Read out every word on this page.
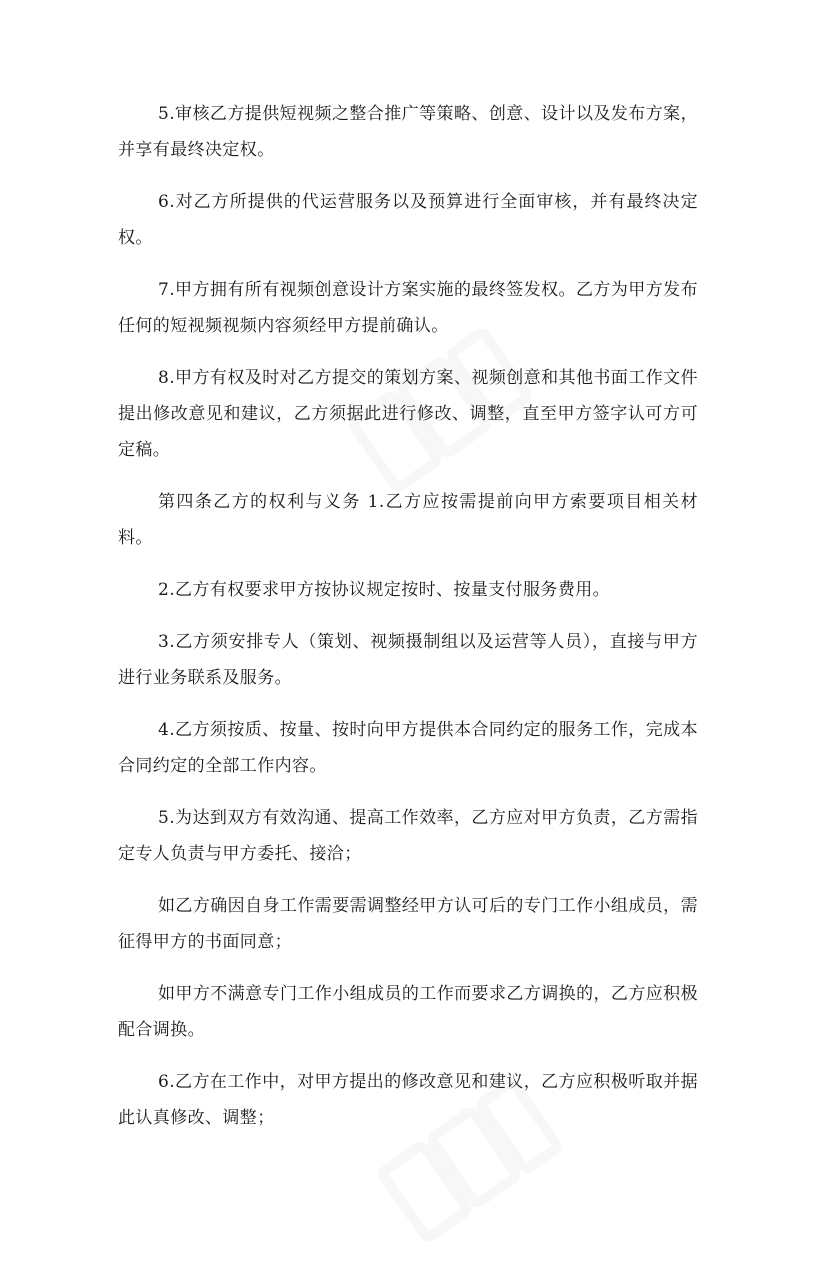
5.审核乙方提供短视频之整合推广等策略、创意、设计以及发布方案，并享有最终决定权。

6.对乙方所提供的代运营服务以及预算进行全面审核，并有最终决定权。

7.甲方拥有所有视频创意设计方案实施的最终签发权。乙方为甲方发布任何的短视频视频内容须经甲方提前确认。

8.甲方有权及时对乙方提交的策划方案、视频创意和其他书面工作文件提出修改意见和建议，乙方须据此进行修改、调整，直至甲方签字认可方可定稿。

第四条乙方的权利与义务 1.乙方应按需提前向甲方索要项目相关材料。

2.乙方有权要求甲方按协议规定按时、按量支付服务费用。

3.乙方须安排专人（策划、视频摄制组以及运营等人员），直接与甲方进行业务联系及服务。

4.乙方须按质、按量、按时向甲方提供本合同约定的服务工作，完成本合同约定的全部工作内容。

5.为达到双方有效沟通、提高工作效率，乙方应对甲方负责，乙方需指定专人负责与甲方委托、接洽；

如乙方确因自身工作需要需调整经甲方认可后的专门工作小组成员，需征得甲方的书面同意；

如甲方不满意专门工作小组成员的工作而要求乙方调换的，乙方应积极配合调换。

6.乙方在工作中，对甲方提出的修改意见和建议，乙方应积极听取并据此认真修改、调整；
